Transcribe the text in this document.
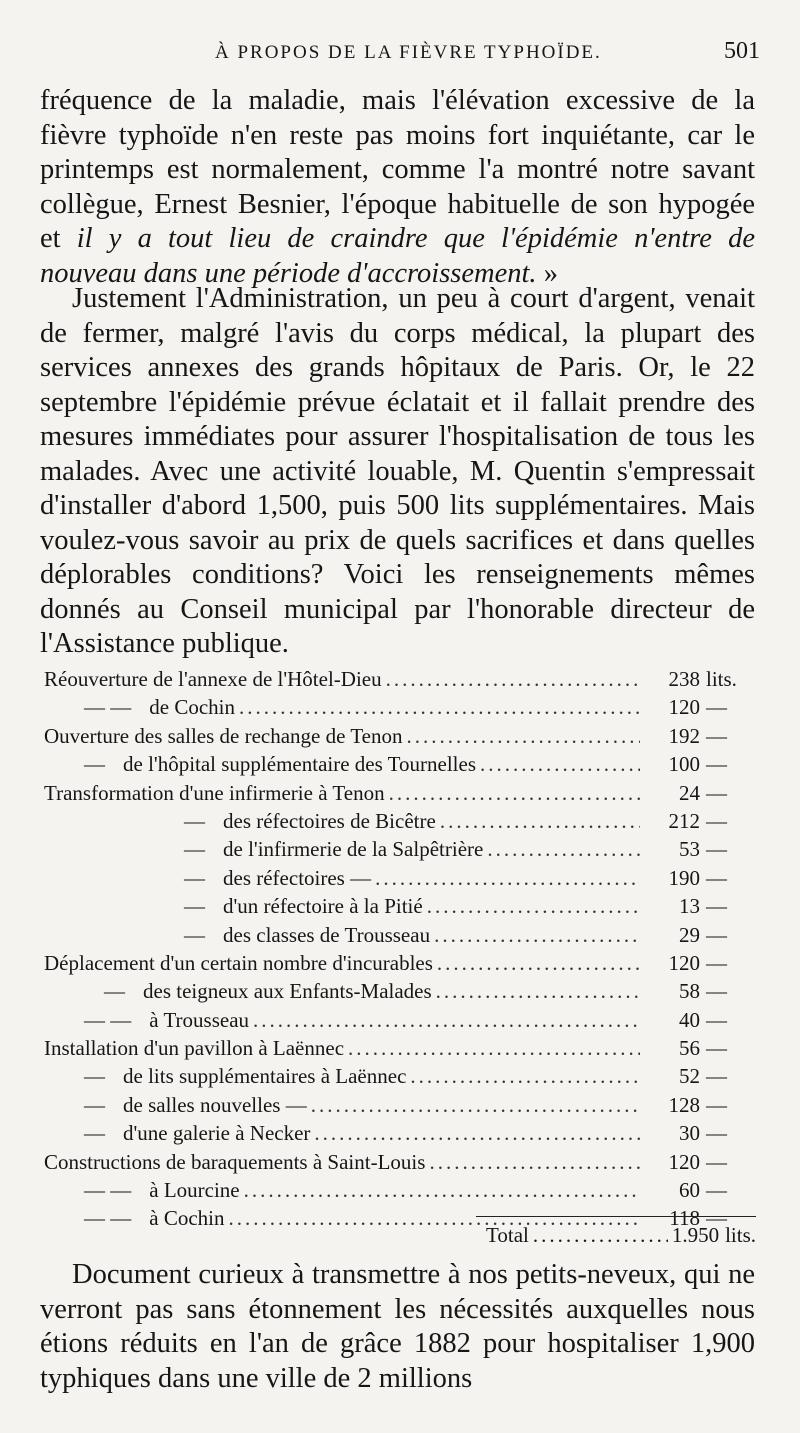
À PROPOS DE LA FIÈVRE TYPHOÏDE.	501
fréquence de la maladie, mais l'élévation excessive de la fièvre typhoïde n'en reste pas moins fort inquiétante, car le printemps est normalement, comme l'a montré notre savant collègue, Ernest Besnier, l'époque habituelle de son hypogée et il y a tout lieu de craindre que l'épidémie n'entre de nouveau dans une période d'accroissement. »
Justement l'Administration, un peu à court d'argent, venait de fermer, malgré l'avis du corps médical, la plupart des services annexes des grands hôpitaux de Paris. Or, le 22 septembre l'épidémie prévue éclatait et il fallait prendre des mesures immédiates pour assurer l'hospitalisation de tous les malades. Avec une activité louable, M. Quentin s'empressait d'installer d'abord 1,500, puis 500 lits supplémentaires. Mais voulez-vous savoir au prix de quels sacrifices et dans quelles déplorables conditions? Voici les renseignements mêmes donnés au Conseil municipal par l'honorable directeur de l'Assistance publique.
Réouverture de l'annexe de l'Hôtel-Dieu .....	238 lits.
— — de Cochin .....	120 —
Ouverture des salles de rechange de Tenon .....	192 —
— de l'hôpital supplémentaire des Tournelles .....	100 —
Transformation d'une infirmerie à Tenon .....	24 —
— des réfectoires de Bicêtre .....	212 —
— de l'infirmerie de la Salpêtrière .....	53 —
— des réfectoires — .....	190 —
— d'un réfectoire à la Pitié .....	13 —
— des classes de Trousseau .....	29 —
Déplacement d'un certain nombre d'incurables .....	120 —
— des teigneux aux Enfants-Malades .....	58 —
— — à Trousseau .....	40 —
Installation d'un pavillon à Laënnec .....	56 —
— de lits supplémentaires à Laënnec .....	52 —
— de salles nouvelles — .....	128 —
— d'une galerie à Necker .....	30 —
Constructions de baraquements à Saint-Louis .....	120 —
— — à Lourcine .....	60 —
— — à Cochin .....	118 —
Total .....	1.950 lits.
Document curieux à transmettre à nos petits-neveux, qui ne verront pas sans étonnement les nécessités auxquelles nous étions réduits en l'an de grâce 1882 pour hospitaliser 1,900 typhiques dans une ville de 2 millions
